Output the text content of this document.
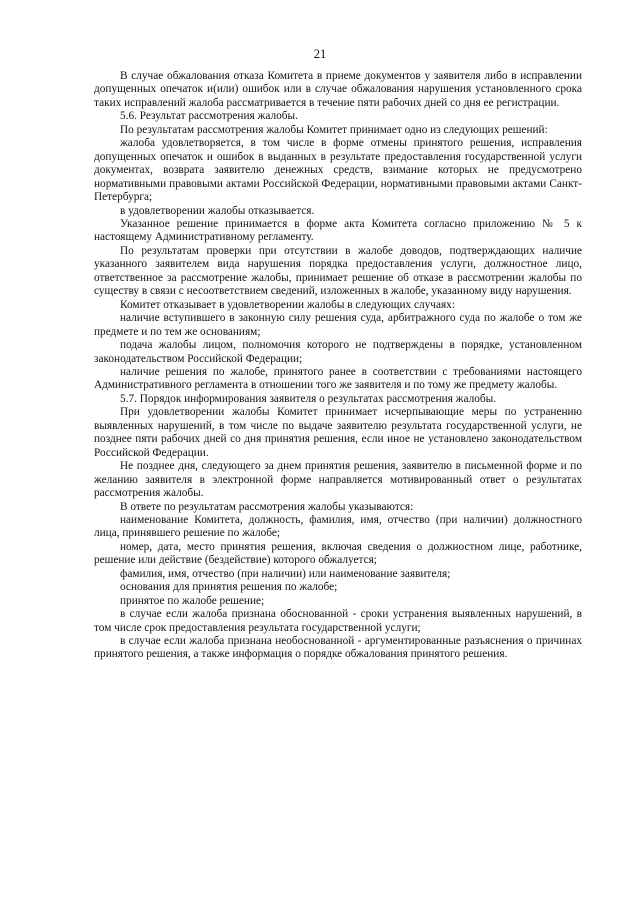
21

В случае обжалования отказа Комитета в приеме документов у заявителя либо в исправлении допущенных опечаток и(или) ошибок или в случае обжалования нарушения установленного срока таких исправлений жалоба рассматривается в течение пяти рабочих дней со дня ее регистрации.

5.6. Результат рассмотрения жалобы.

По результатам рассмотрения жалобы Комитет принимает одно из следующих решений:

жалоба удовлетворяется, в том числе в форме отмены принятого решения, исправления допущенных опечаток и ошибок в выданных в результате предоставления государственной услуги документах, возврата заявителю денежных средств, взимание которых не предусмотрено нормативными правовыми актами Российской Федерации, нормативными правовыми актами Санкт-Петербурга;

в удовлетворении жалобы отказывается.

Указанное решение принимается в форме акта Комитета согласно приложению № 5 к настоящему Административному регламенту.

По результатам проверки при отсутствии в жалобе доводов, подтверждающих наличие указанного заявителем вида нарушения порядка предоставления услуги, должностное лицо, ответственное за рассмотрение жалобы, принимает решение об отказе в рассмотрении жалобы по существу в связи с несоответствием сведений, изложенных в жалобе, указанному виду нарушения.

Комитет отказывает в удовлетворении жалобы в следующих случаях:

наличие вступившего в законную силу решения суда, арбитражного суда по жалобе о том же предмете и по тем же основаниям;

подача жалобы лицом, полномочия которого не подтверждены в порядке, установленном законодательством Российской Федерации;

наличие решения по жалобе, принятого ранее в соответствии с требованиями настоящего Административного регламента в отношении того же заявителя и по тому же предмету жалобы.

5.7. Порядок информирования заявителя о результатах рассмотрения жалобы.

При удовлетворении жалобы Комитет принимает исчерпывающие меры по устранению выявленных нарушений, в том числе по выдаче заявителю результата государственной услуги, не позднее пяти рабочих дней со дня принятия решения, если иное не установлено законодательством Российской Федерации.

Не позднее дня, следующего за днем принятия решения, заявителю в письменной форме и по желанию заявителя в электронной форме направляется мотивированный ответ о результатах рассмотрения жалобы.

В ответе по результатам рассмотрения жалобы указываются:

наименование Комитета, должность, фамилия, имя, отчество (при наличии) должностного лица, принявшего решение по жалобе;

номер, дата, место принятия решения, включая сведения о должностном лице, работнике, решение или действие (бездействие) которого обжалуется;

фамилия, имя, отчество (при наличии) или наименование заявителя;

основания для принятия решения по жалобе;

принятое по жалобе решение;

в случае если жалоба признана обоснованной - сроки устранения выявленных нарушений, в том числе срок предоставления результата государственной услуги;

в случае если жалоба признана необоснованной - аргументированные разъяснения о причинах принятого решения, а также информация о порядке обжалования принятого решения.
